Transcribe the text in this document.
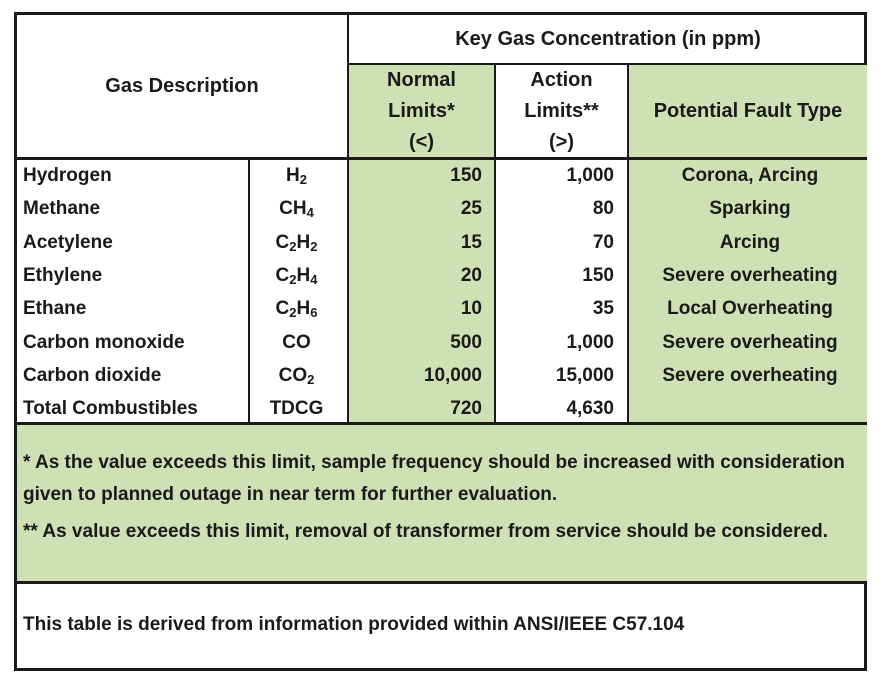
Gas Description
Key Gas Concentration (in ppm)
Normal
Limits*
(<)
Action
Limits**
(>)
Potential Fault Type
Hydrogen	$H_2$	150	1,000	Corona, Arcing
Methane	$CH_4$	25	80	Sparking
Acetylene	$C_2H_2$	15	70	Arcing
Ethylene	$C_2H_4$	20	150	Severe overheating
Ethane	$C_2H_6$	10	35	Local Overheating
Carbon monoxide	CO	500	1,000	Severe overheating
Carbon dioxide	$CO_2$	10,000	15,000	Severe overheating
Total Combustibles	TDCG	720	4,630
* As the value exceeds this limit, sample frequency should be increased with consideration given to planned outage in near term for further evaluation.
** As value exceeds this limit, removal of transformer from service should be considered.
This table is derived from information provided within ANSI/IEEE C57.104
